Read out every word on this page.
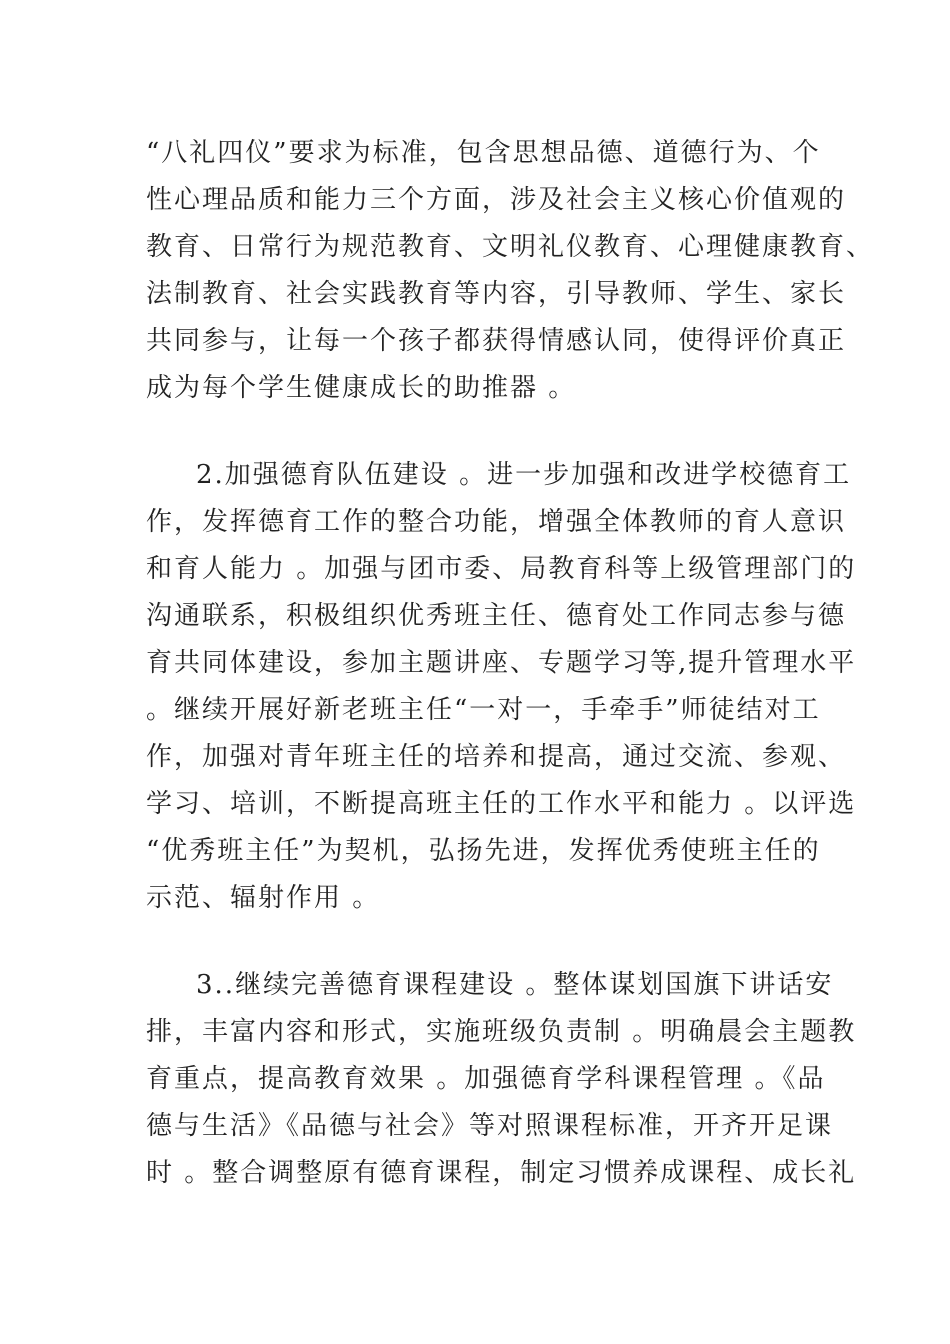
“八礼四仪”要求为标准，包含思想品德、道德行为、个
性心理品质和能力三个方面，涉及社会主义核心价值观的
教育、日常行为规范教育、文明礼仪教育、心理健康教育、
法制教育、社会实践教育等内容，引导教师、学生、家长
共同参与，让每一个孩子都获得情感认同，使得评价真正
成为每个学生健康成长的助推器 。
2.加强德育队伍建设 。进一步加强和改进学校德育工
作，发挥德育工作的整合功能，增强全体教师的育人意识
和育人能力 。加强与团市委、局教育科等上级管理部门的
沟通联系，积极组织优秀班主任、德育处工作同志参与德
育共同体建设，参加主题讲座、专题学习等,提升管理水平
。继续开展好新老班主任“一对一，手牵手”师徒结对工
作，加强对青年班主任的培养和提高，通过交流、参观、
学习、培训，不断提高班主任的工作水平和能力 。以评选
“优秀班主任”为契机，弘扬先进，发挥优秀使班主任的
示范、辐射作用 。
3..继续完善德育课程建设 。整体谋划国旗下讲话安
排，丰富内容和形式，实施班级负责制 。明确晨会主题教
育重点，提高教育效果 。加强德育学科课程管理 。《品
德与生活》《品德与社会》等对照课程标准，开齐开足课
时 。整合调整原有德育课程，制定习惯养成课程、成长礼
